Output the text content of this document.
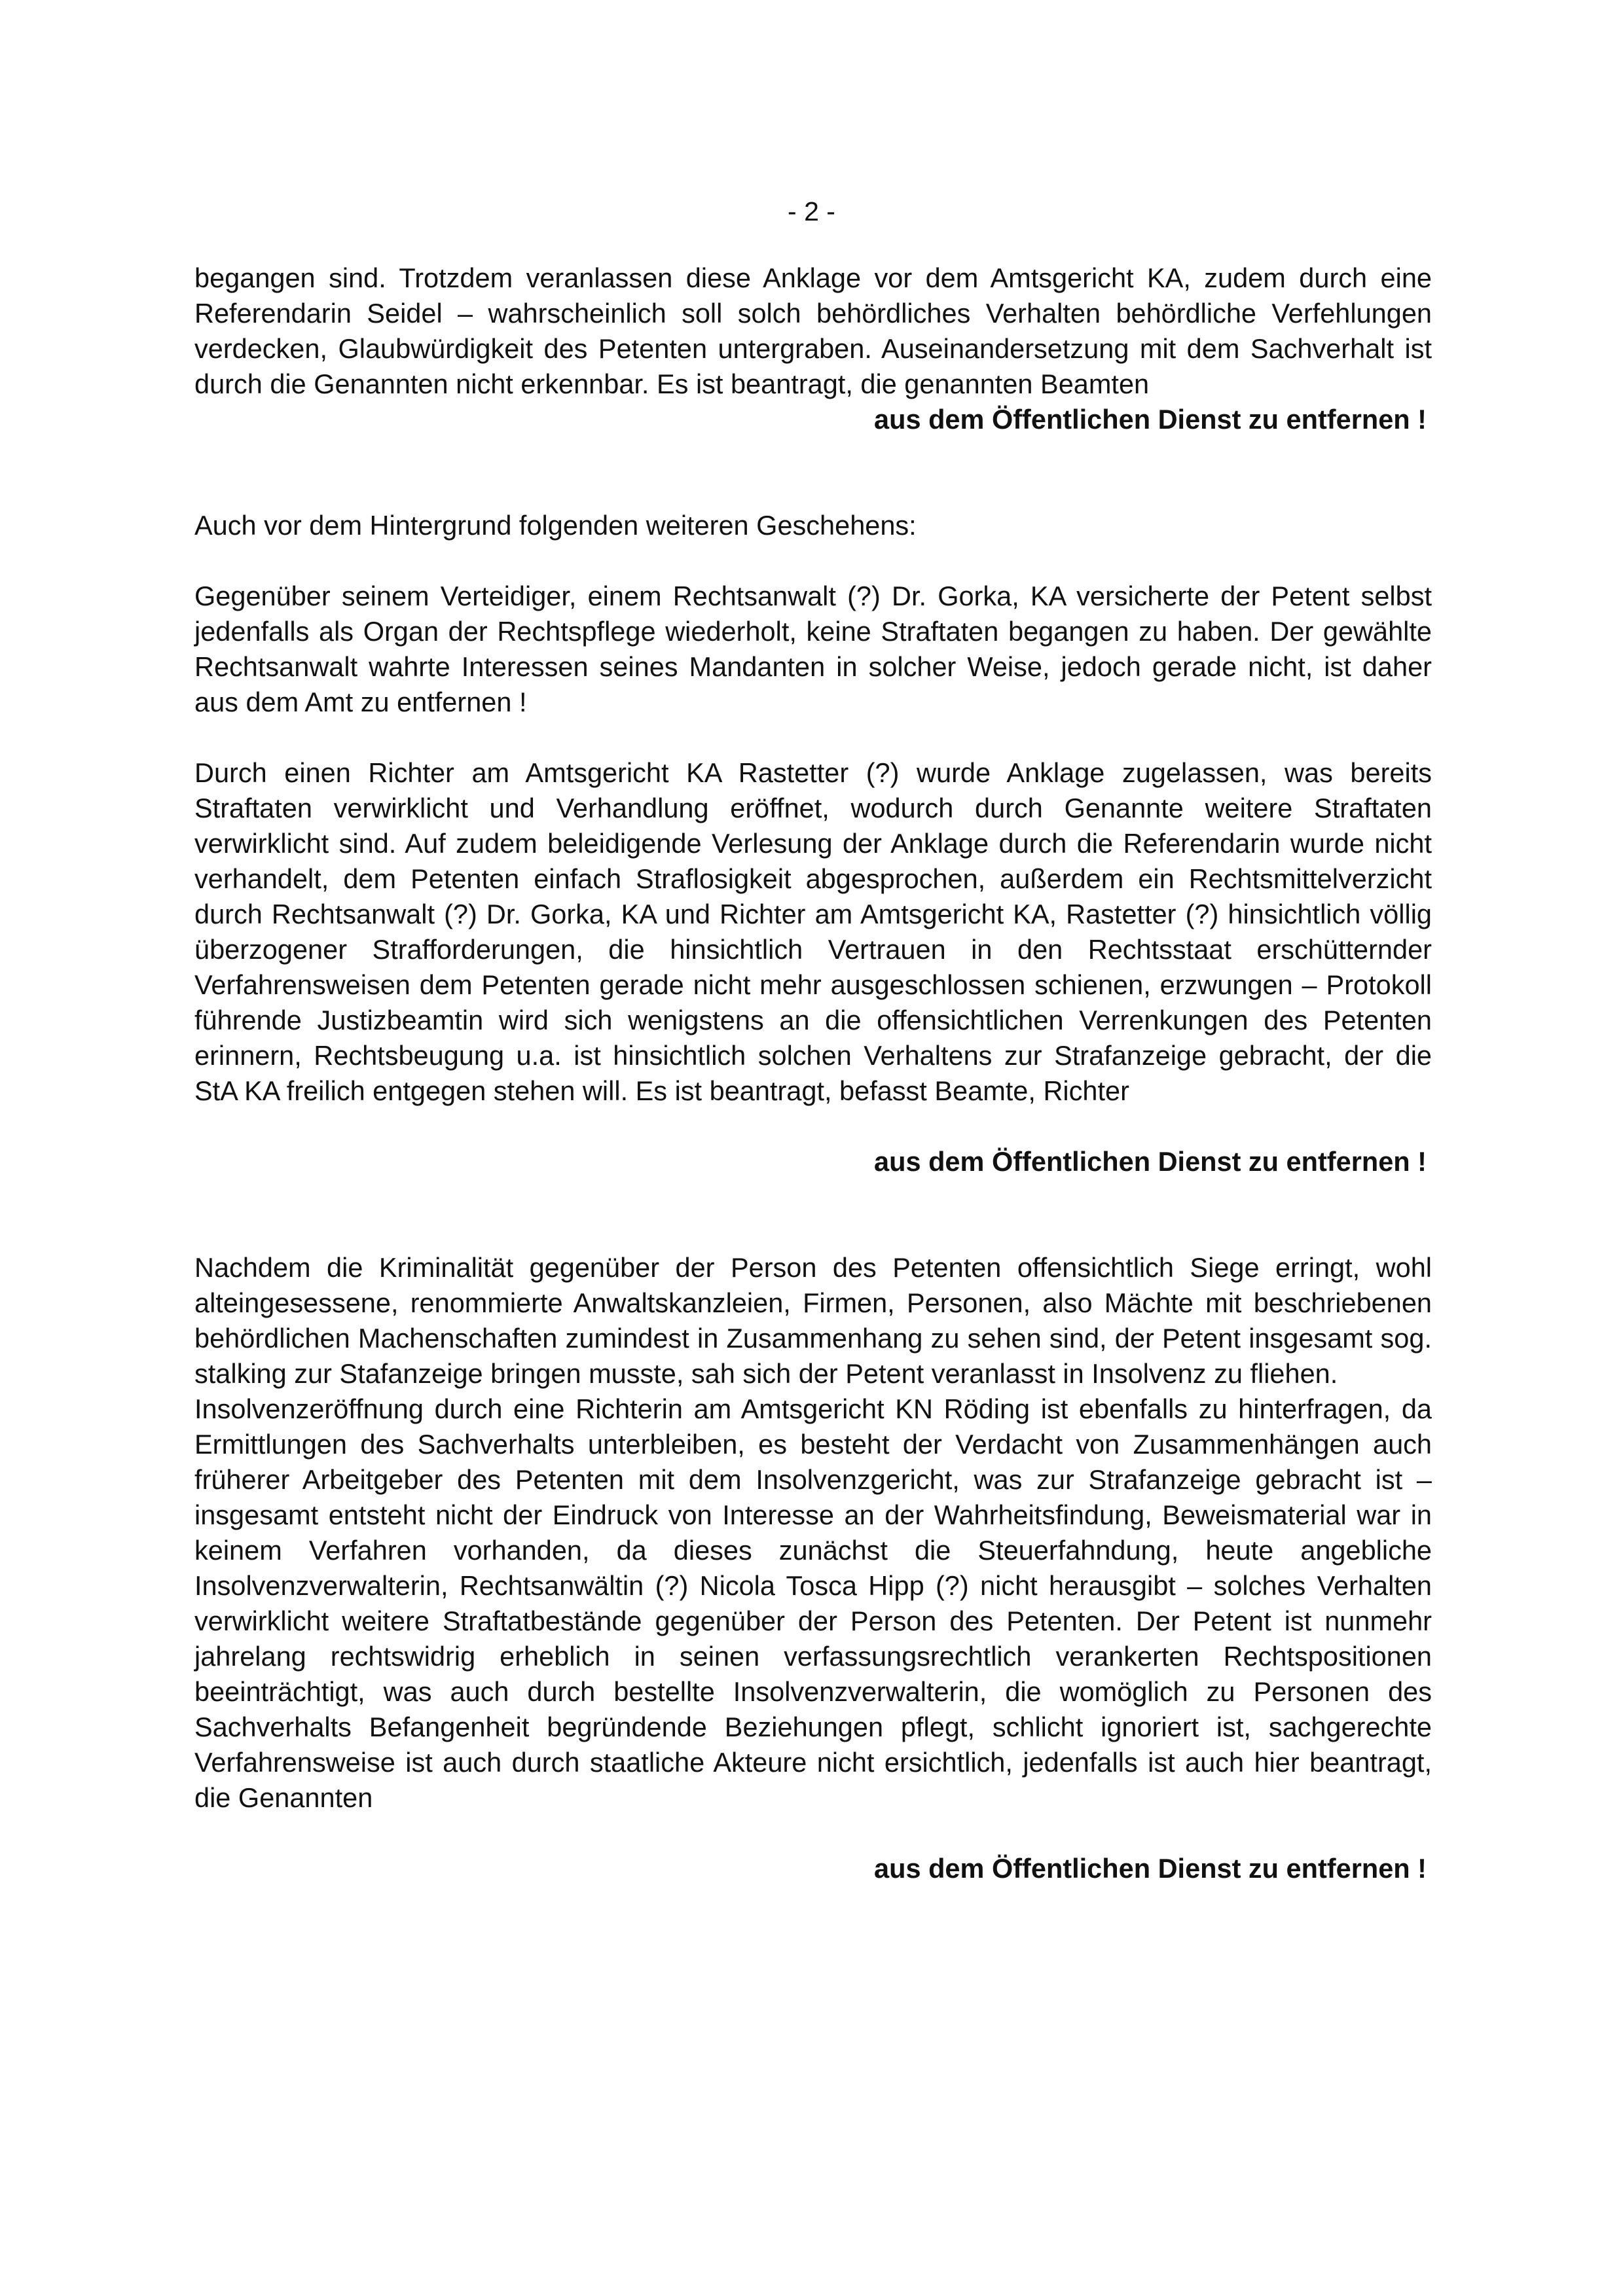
- 2 -

begangen sind. Trotzdem veranlassen diese Anklage vor dem Amtsgericht KA, zudem durch eine Referendarin Seidel – wahrscheinlich soll solch behördliches Verhalten behördliche Verfehlungen verdecken, Glaubwürdigkeit des Petenten untergraben. Auseinandersetzung mit dem Sachverhalt ist durch die Genannten nicht erkennbar. Es ist beantragt, die genannten Beamten

aus dem Öffentlichen Dienst zu entfernen !

Auch vor dem Hintergrund folgenden weiteren Geschehens:

Gegenüber seinem Verteidiger, einem Rechtsanwalt (?) Dr. Gorka, KA versicherte der Petent selbst jedenfalls als Organ der Rechtspflege wiederholt, keine Straftaten begangen zu haben. Der gewählte Rechtsanwalt wahrte Interessen seines Mandanten in solcher Weise, jedoch gerade nicht, ist daher aus dem Amt zu entfernen !

Durch einen Richter am Amtsgericht KA Rastetter (?) wurde Anklage zugelassen, was bereits Straftaten verwirklicht und Verhandlung eröffnet, wodurch durch Genannte weitere Straftaten verwirklicht sind. Auf zudem beleidigende Verlesung der Anklage durch die Referendarin wurde nicht verhandelt, dem Petenten einfach Straflosigkeit abgesprochen, außerdem ein Rechtsmittelverzicht durch Rechtsanwalt (?) Dr. Gorka, KA und Richter am Amtsgericht KA, Rastetter (?) hinsichtlich völlig überzogener Strafforderungen, die hinsichtlich Vertrauen in den Rechtsstaat erschütternder Verfahrensweisen dem Petenten gerade nicht mehr ausgeschlossen schienen, erzwungen – Protokoll führende Justizbeamtin wird sich wenigstens an die offensichtlichen Verrenkungen des Petenten erinnern, Rechtsbeugung u.a. ist hinsichtlich solchen Verhaltens zur Strafanzeige gebracht, der die StA KA freilich entgegen stehen will. Es ist beantragt, befasst Beamte, Richter

aus dem Öffentlichen Dienst zu entfernen !

Nachdem die Kriminalität gegenüber der Person des Petenten offensichtlich Siege erringt, wohl alteingesessene, renommierte Anwaltskanzleien, Firmen, Personen, also Mächte mit beschriebenen behördlichen Machenschaften zumindest in Zusammenhang zu sehen sind, der Petent insgesamt sog. stalking zur Stafanzeige bringen musste, sah sich der Petent veranlasst in Insolvenz zu fliehen.

Insolvenzeröffnung durch eine Richterin am Amtsgericht KN Röding ist ebenfalls zu hinterfragen, da Ermittlungen des Sachverhalts unterbleiben, es besteht der Verdacht von Zusammenhängen auch früherer Arbeitgeber des Petenten mit dem Insolvenzgericht, was zur Strafanzeige gebracht ist – insgesamt entsteht nicht der Eindruck von Interesse an der Wahrheitsfindung, Beweismaterial war in keinem Verfahren vorhanden, da dieses zunächst die Steuerfahndung, heute angebliche Insolvenzverwalterin, Rechtsanwältin (?) Nicola Tosca Hipp (?) nicht herausgibt – solches Verhalten verwirklicht weitere Straftatbestände gegenüber der Person des Petenten. Der Petent ist nunmehr jahrelang rechtswidrig erheblich in seinen verfassungsrechtlich verankerten Rechtspositionen beeinträchtigt, was auch durch bestellte Insolvenzverwalterin, die womöglich zu Personen des Sachverhalts Befangenheit begründende Beziehungen pflegt, schlicht ignoriert ist, sachgerechte Verfahrensweise ist auch durch staatliche Akteure nicht ersichtlich, jedenfalls ist auch hier beantragt, die Genannten

aus dem Öffentlichen Dienst zu entfernen !
